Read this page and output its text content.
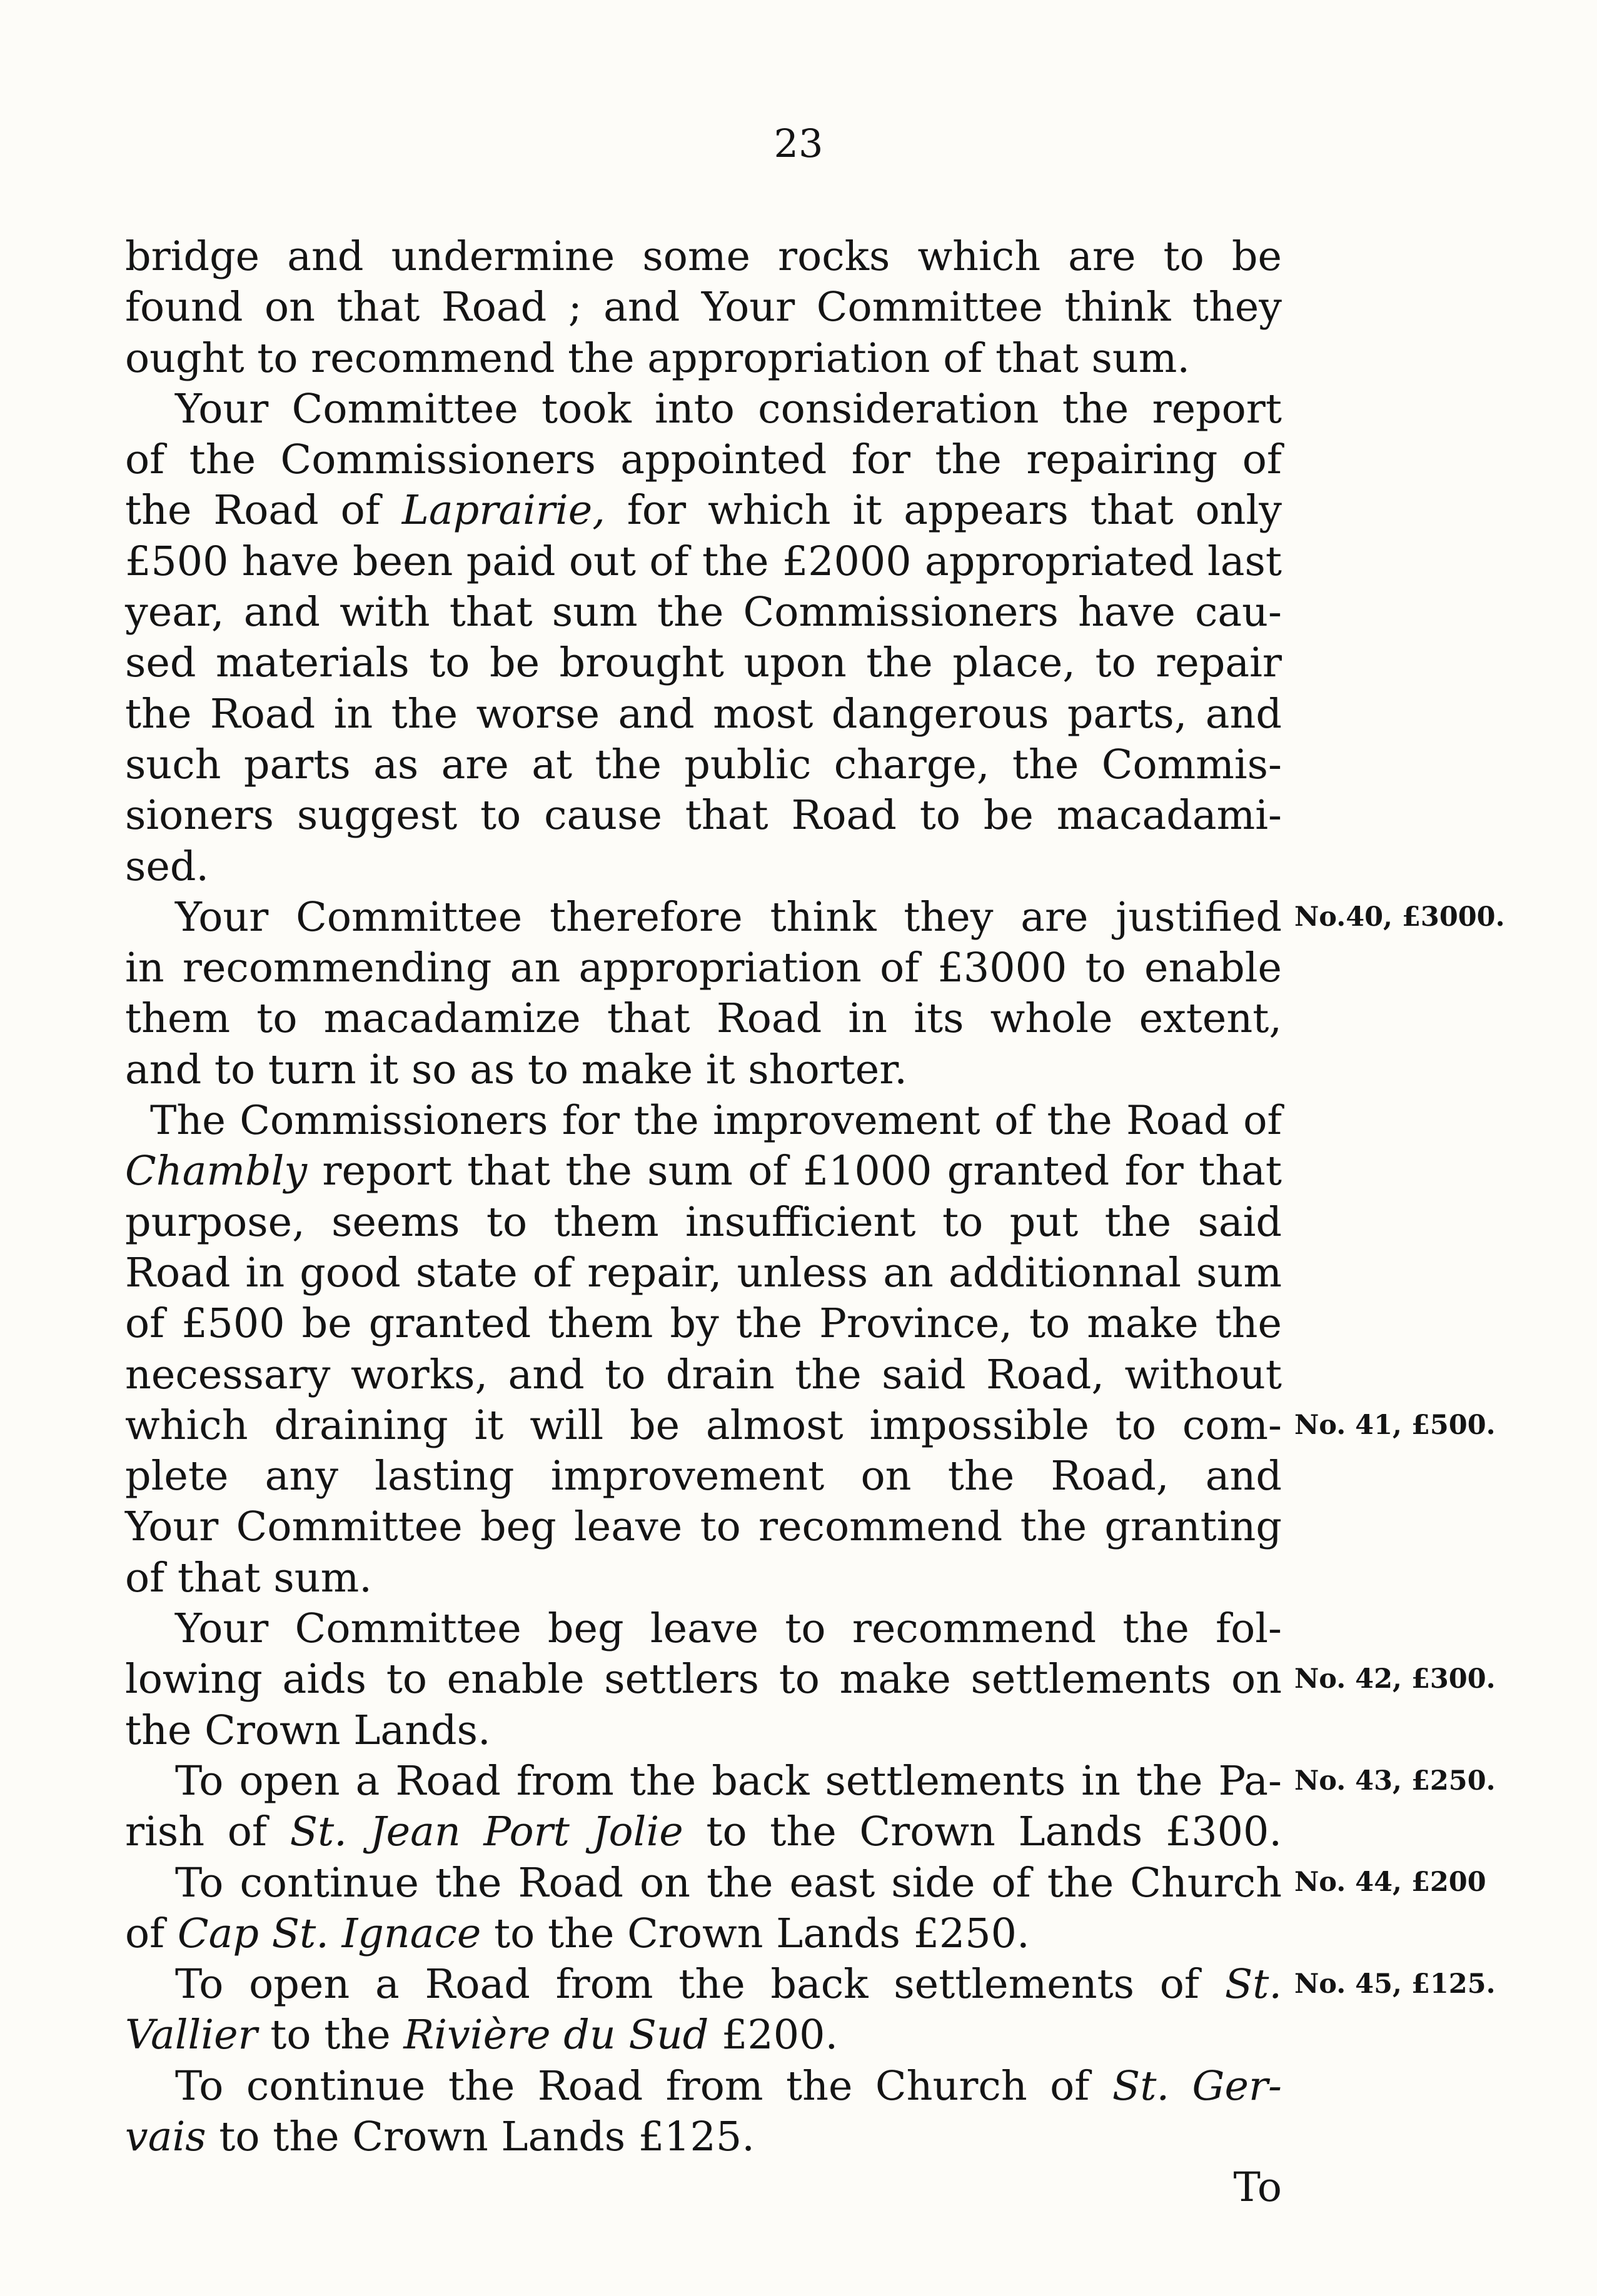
23
bridge and undermine some rocks which are to be
found on that Road ; and Your Committee think they
ought to recommend the appropriation of that sum.
Your Committee took into consideration the report
of the Commissioners appointed for the repairing of
the Road of Laprairie, for which it appears that only
£500 have been paid out of the £2000 appropriated last
year, and with that sum the Commissioners have cau-
sed materials to be brought upon the place, to repair
the Road in the worse and most dangerous parts, and
such parts as are at the public charge, the Commis-
sioners suggest to cause that Road to be macadami-
sed.
Your Committee therefore think they are justified
in recommending an appropriation of £3000 to enable
them to macadamize that Road in its whole extent,
and to turn it so as to make it shorter.
The Commissioners for the improvement of the Road of
Chambly report that the sum of £1000 granted for that
purpose, seems to them insufficient to put the said
Road in good state of repair, unless an additionnal sum
of £500 be granted them by the Province, to make the
necessary works, and to drain the said Road, without
which draining it will be almost impossible to com-
plete any lasting improvement on the Road, and
Your Committee beg leave to recommend the granting
of that sum.
Your Committee beg leave to recommend the fol-
lowing aids to enable settlers to make settlements on
the Crown Lands.
To open a Road from the back settlements in the Pa-
rish of St. Jean Port Jolie to the Crown Lands £300.
To continue the Road on the east side of the Church
of Cap St. Ignace to the Crown Lands £250.
To open a Road from the back settlements of St.
Vallier to the Rivière du Sud £200.
To continue the Road from the Church of St. Ger-
vais to the Crown Lands £125.
To
No.40, £3000.
No. 41, £500.
No. 42, £300.
No. 43, £250.
No. 44, £200
No. 45, £125.
